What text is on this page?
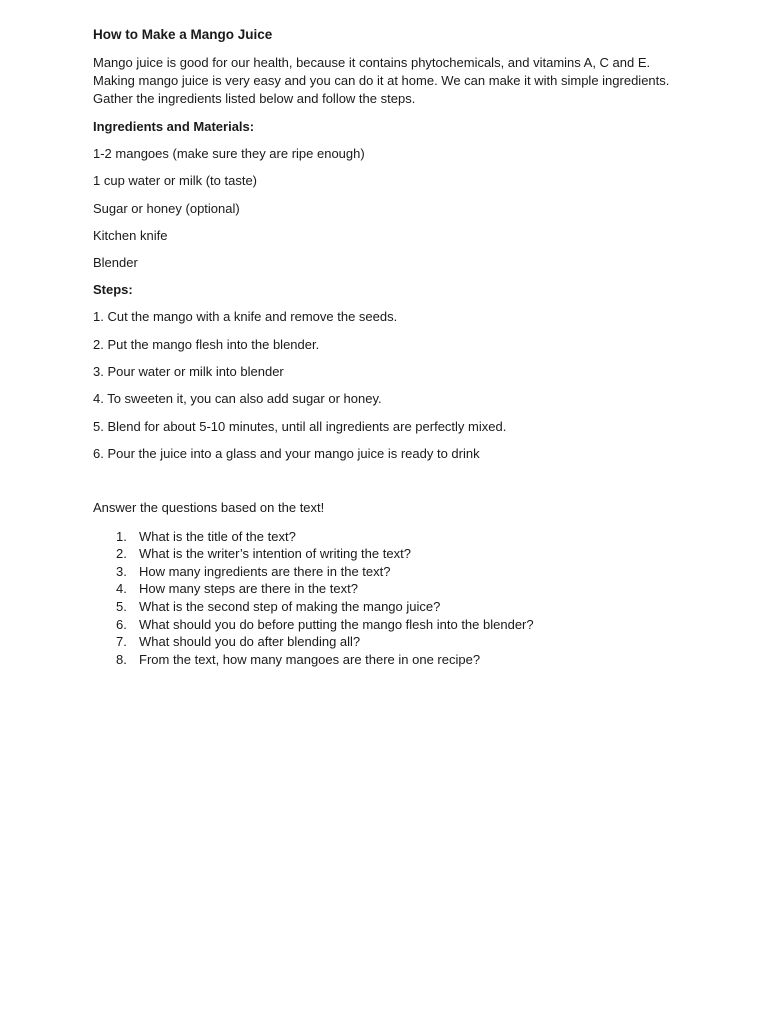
How to Make a Mango Juice

Mango juice is good for our health, because it contains phytochemicals, and vitamins A, C and E.
Making mango juice is very easy and you can do it at home. We can make it with simple ingredients.
Gather the ingredients listed below and follow the steps.

Ingredients and Materials:

1-2 mangoes (make sure they are ripe enough)

1 cup water or milk (to taste)

Sugar or honey (optional)

Kitchen knife

Blender

Steps:

1. Cut the mango with a knife and remove the seeds.

2. Put the mango flesh into the blender.

3. Pour water or milk into blender

4. To sweeten it, you can also add sugar or honey.

5. Blend for about 5-10 minutes, until all ingredients are perfectly mixed.

6. Pour the juice into a glass and your mango juice is ready to drink

Answer the questions based on the text!

1. What is the title of the text?
2. What is the writer’s intention of writing the text?
3. How many ingredients are there in the text?
4. How many steps are there in the text?
5. What is the second step of making the mango juice?
6. What should you do before putting the mango flesh into the blender?
7. What should you do after blending all?
8. From the text, how many mangoes are there in one recipe?
